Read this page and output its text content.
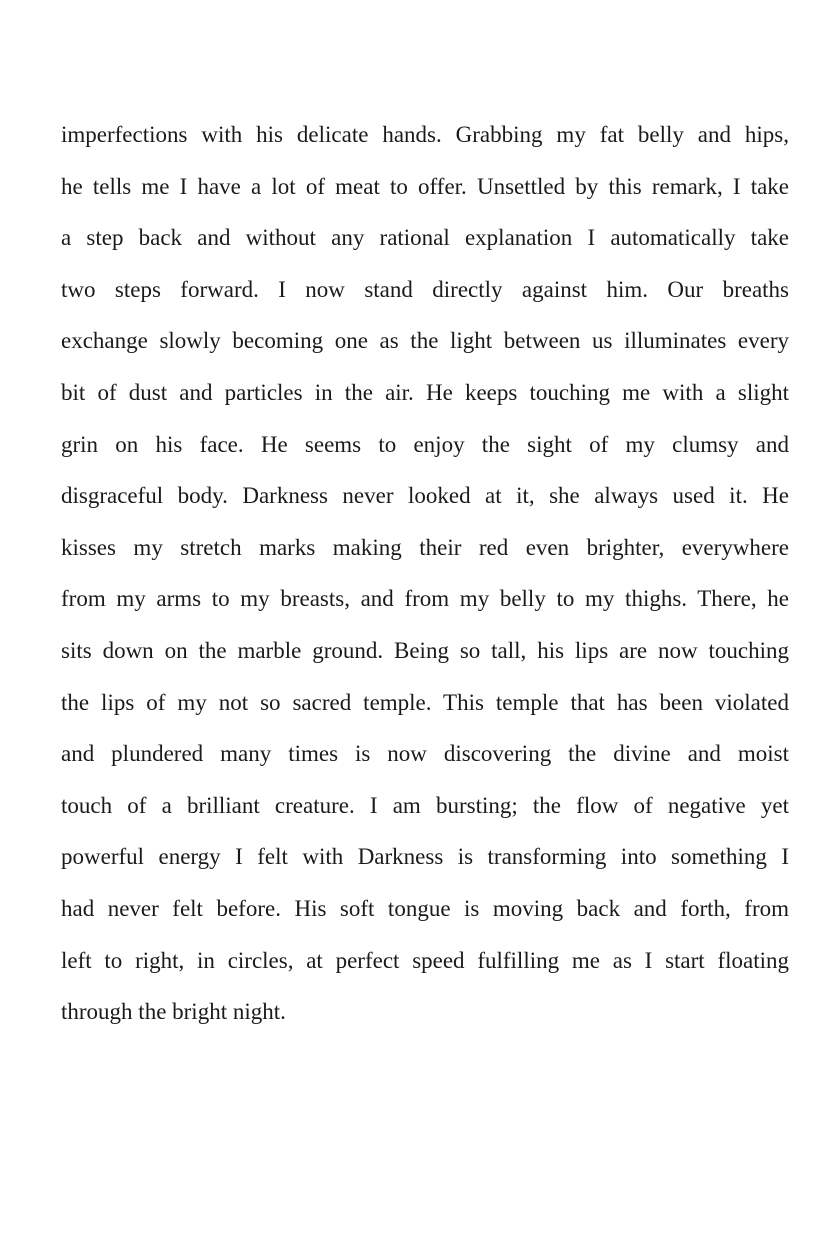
imperfections with his delicate hands. Grabbing my fat belly and hips,
he tells me I have a lot of meat to offer. Unsettled by this remark, I take
a step back and without any rational explanation I automatically take
two steps forward. I now stand directly against him. Our breaths
exchange slowly becoming one as the light between us illuminates every
bit of dust and particles in the air. He keeps touching me with a slight
grin on his face. He seems to enjoy the sight of my clumsy and
disgraceful body. Darkness never looked at it, she always used it. He
kisses my stretch marks making their red even brighter, everywhere
from my arms to my breasts, and from my belly to my thighs. There, he
sits down on the marble ground. Being so tall, his lips are now touching
the lips of my not so sacred temple. This temple that has been violated
and plundered many times is now discovering the divine and moist
touch of a brilliant creature. I am bursting; the flow of negative yet
powerful energy I felt with Darkness is transforming into something I
had never felt before. His soft tongue is moving back and forth, from
left to right, in circles, at perfect speed fulfilling me as I start floating
through the bright night.
